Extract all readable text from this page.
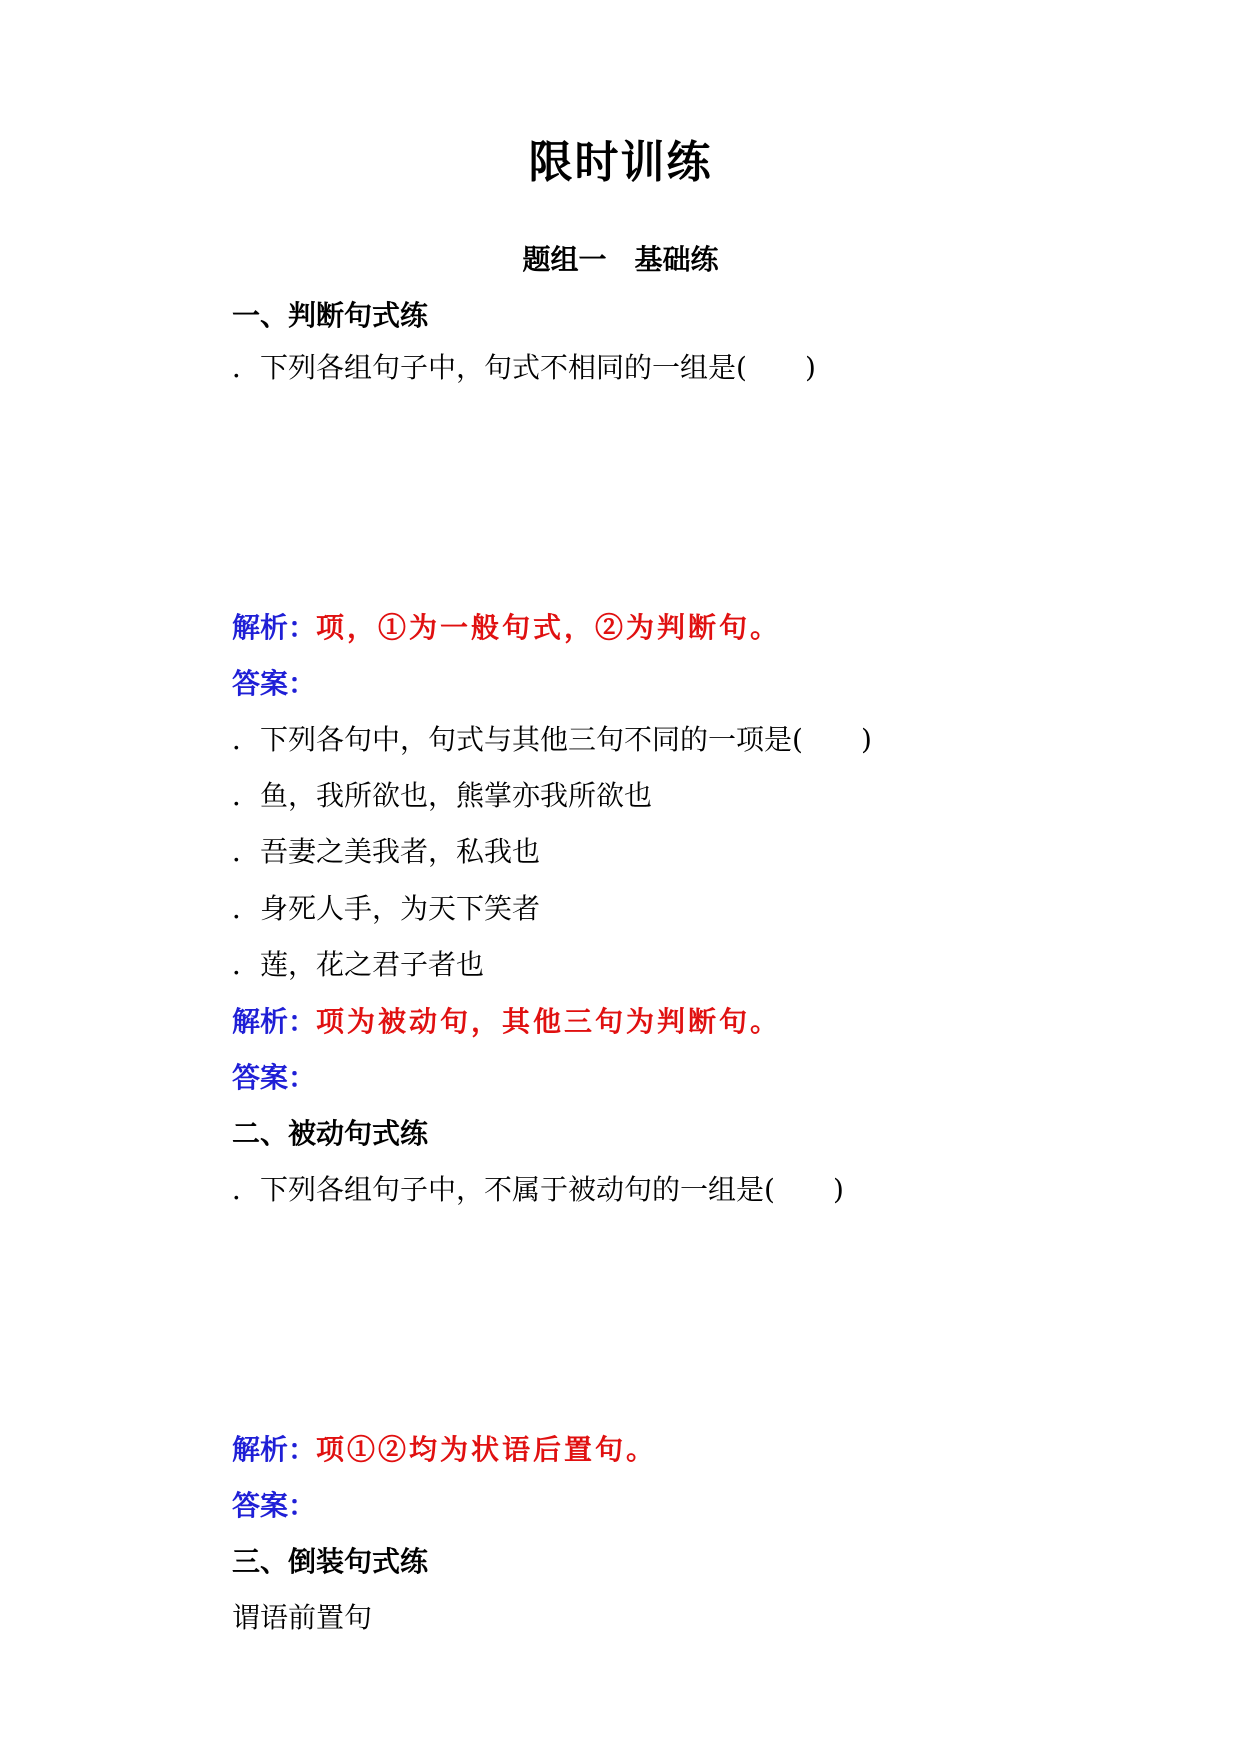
限时训练
题组一　基础练
一、判断句式练
．下列各组句子中，句式不相同的一组是( )
解析：项，①为一般句式，②为判断句。
答案：
．下列各句中，句式与其他三句不同的一项是( )
．鱼，我所欲也，熊掌亦我所欲也
．吾妻之美我者，私我也
．身死人手，为天下笑者
．莲，花之君子者也
解析：项为被动句，其他三句为判断句。
答案：
二、被动句式练
．下列各组句子中，不属于被动句的一组是( )
解析：项①②均为状语后置句。
答案：
三、倒装句式练
谓语前置句
